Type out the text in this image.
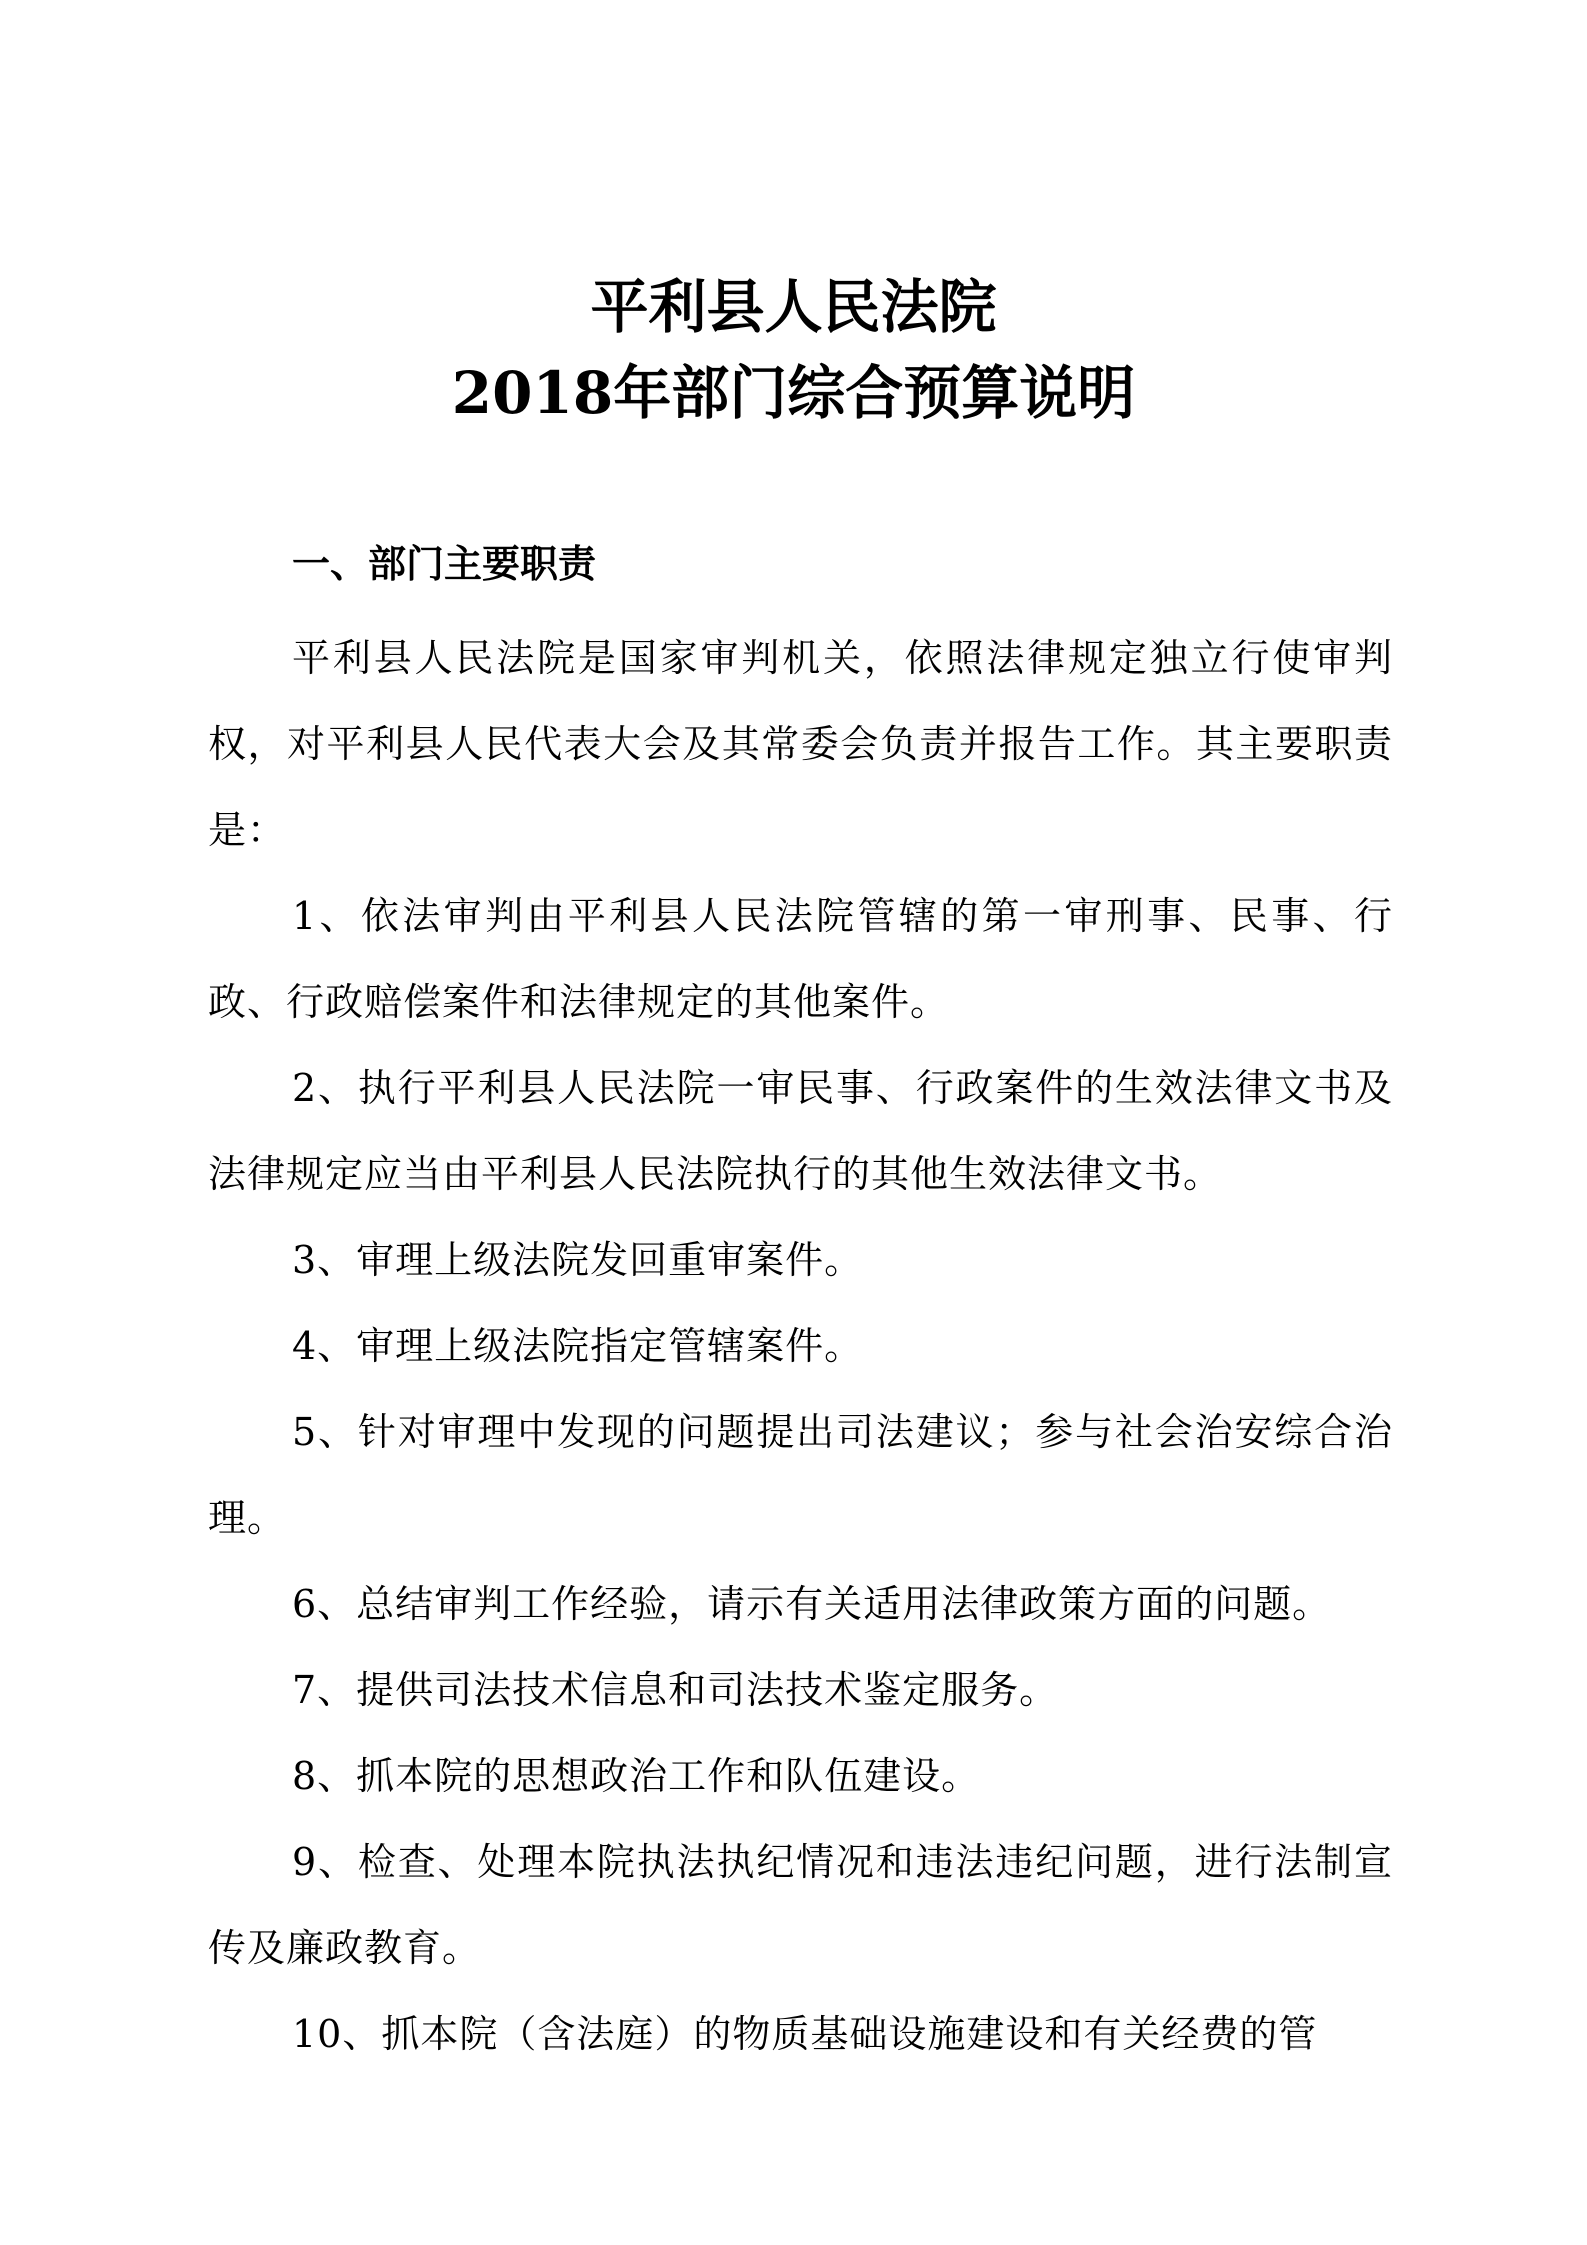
平利县人民法院
2018年部门综合预算说明
一、部门主要职责

平利县人民法院是国家审判机关，依照法律规定独立行使审判权，对平利县人民代表大会及其常委会负责并报告工作。其主要职责是：

1、依法审判由平利县人民法院管辖的第一审刑事、民事、行政、行政赔偿案件和法律规定的其他案件。

2、执行平利县人民法院一审民事、行政案件的生效法律文书及法律规定应当由平利县人民法院执行的其他生效法律文书。

3、审理上级法院发回重审案件。

4、审理上级法院指定管辖案件。

5、针对审理中发现的问题提出司法建议；参与社会治安综合治理。

6、总结审判工作经验，请示有关适用法律政策方面的问题。

7、提供司法技术信息和司法技术鉴定服务。

8、抓本院的思想政治工作和队伍建设。

9、检查、处理本院执法执纪情况和违法违纪问题，进行法制宣传及廉政教育。

10、抓本院（含法庭）的物质基础设施建设和有关经费的管
